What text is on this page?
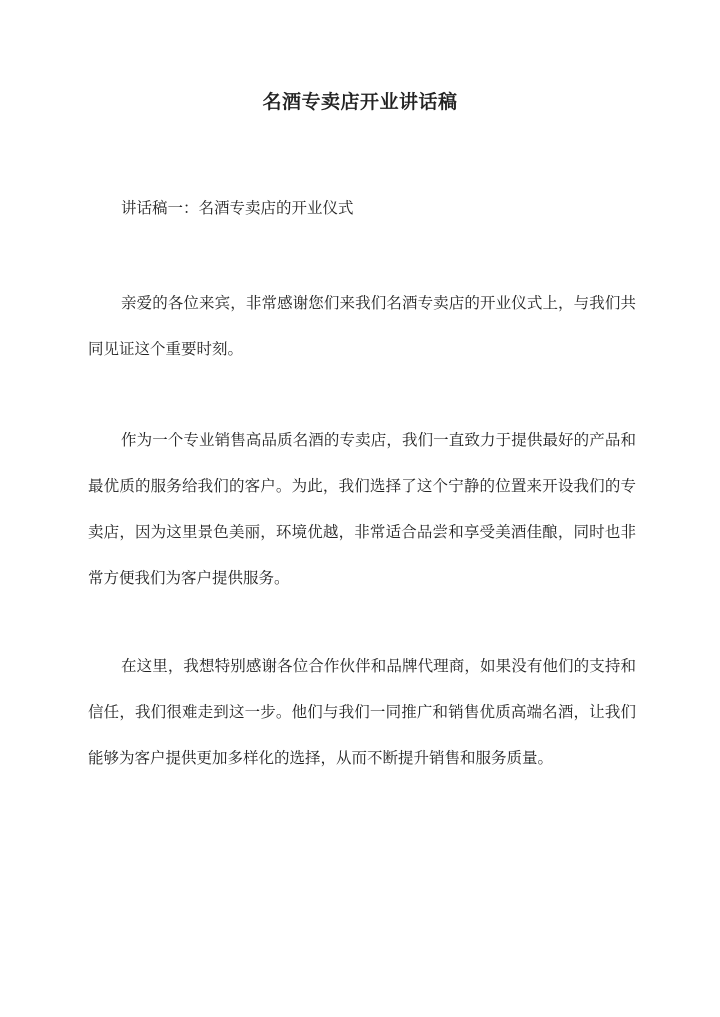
名酒专卖店开业讲话稿

讲话稿一：名酒专卖店的开业仪式

亲爱的各位来宾，非常感谢您们来我们名酒专卖店的开业仪式上，与我们共同见证这个重要时刻。

作为一个专业销售高品质名酒的专卖店，我们一直致力于提供最好的产品和最优质的服务给我们的客户。为此，我们选择了这个宁静的位置来开设我们的专卖店，因为这里景色美丽，环境优越，非常适合品尝和享受美酒佳酿，同时也非常方便我们为客户提供服务。

在这里，我想特别感谢各位合作伙伴和品牌代理商，如果没有他们的支持和信任，我们很难走到这一步。他们与我们一同推广和销售优质高端名酒，让我们能够为客户提供更加多样化的选择，从而不断提升销售和服务质量。
